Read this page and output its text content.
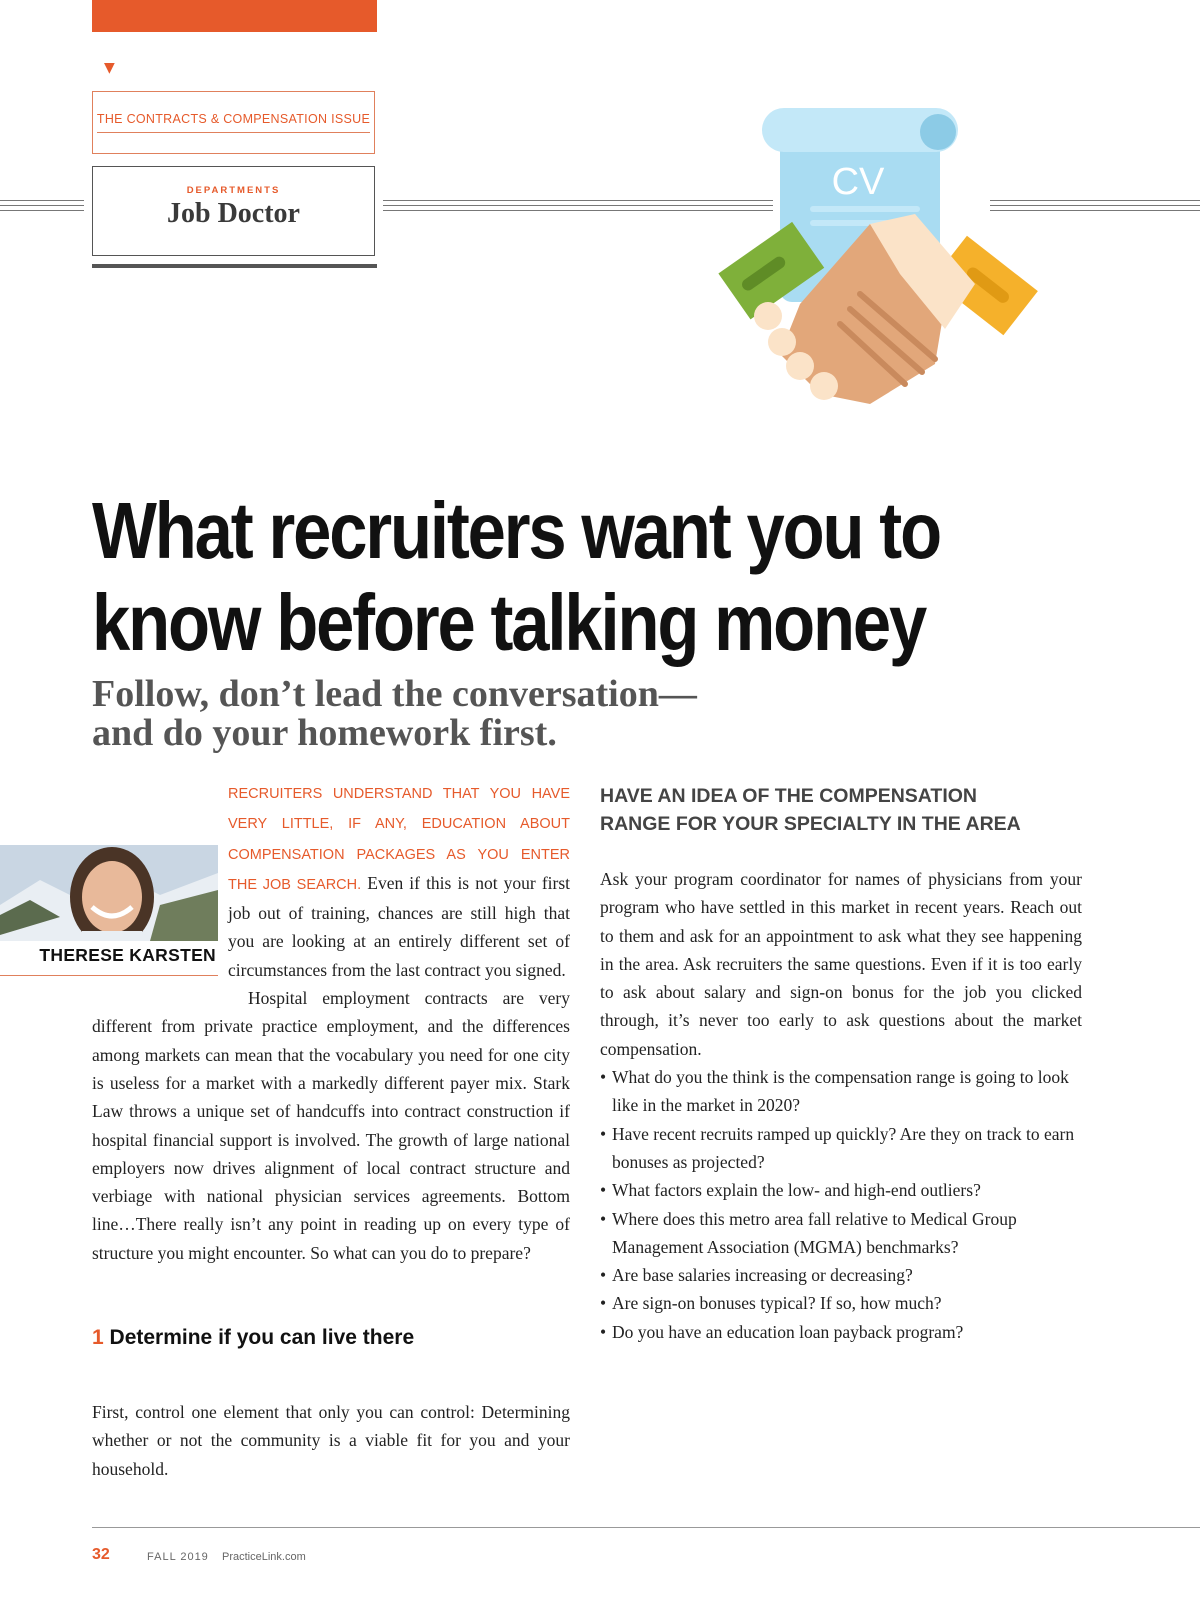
▼
THE CONTRACTS & COMPENSATION ISSUE
DEPARTMENTS
Job Doctor
CV
What recruiters want you to
know before talking money
Follow, don’t lead the conversation—
and do your homework first.
THERESE KARSTEN

RECRUITERS UNDERSTAND THAT YOU HAVE VERY LITTLE, IF ANY, EDUCATION ABOUT COMPENSATION PACKAGES AS YOU ENTER THE JOB SEARCH. Even if this is not your first job out of training, chances are still high that you are looking at an entirely different set of circumstances from the last contract you signed.

Hospital employment contracts are very different from private practice employment, and the differences among markets can mean that the vocabulary you need for one city is useless for a market with a markedly different payer mix. Stark Law throws a unique set of handcuffs into contract construction if hospital financial support is involved. The growth of large national employers now drives alignment of local contract structure and verbiage with national physician services agreements. Bottom line…There really isn’t any point in reading up on every type of structure you might encounter. So what can you do to prepare?

1 Determine if you can live there

First, control one element that only you can control: Determining whether or not the community is a viable fit for you and your household.

HAVE AN IDEA OF THE COMPENSATION
RANGE FOR YOUR SPECIALTY IN THE AREA

Ask your program coordinator for names of physicians from your program who have settled in this market in recent years. Reach out to them and ask for an appointment to ask what they see happening in the area. Ask recruiters the same questions. Even if it is too early to ask about salary and sign-on bonus for the job you clicked through, it’s never too early to ask questions about the market compensation.

• What do you the think is the compensation range is going to look like in the market in 2020?
• Have recent recruits ramped up quickly? Are they on track to earn bonuses as projected?
• What factors explain the low- and high-end outliers?
• Where does this metro area fall relative to Medical Group Management Association (MGMA) benchmarks?
• Are base salaries increasing or decreasing?
• Are sign-on bonuses typical? If so, how much?
• Do you have an education loan payback program?
32	FALL 2019 PracticeLink.com
